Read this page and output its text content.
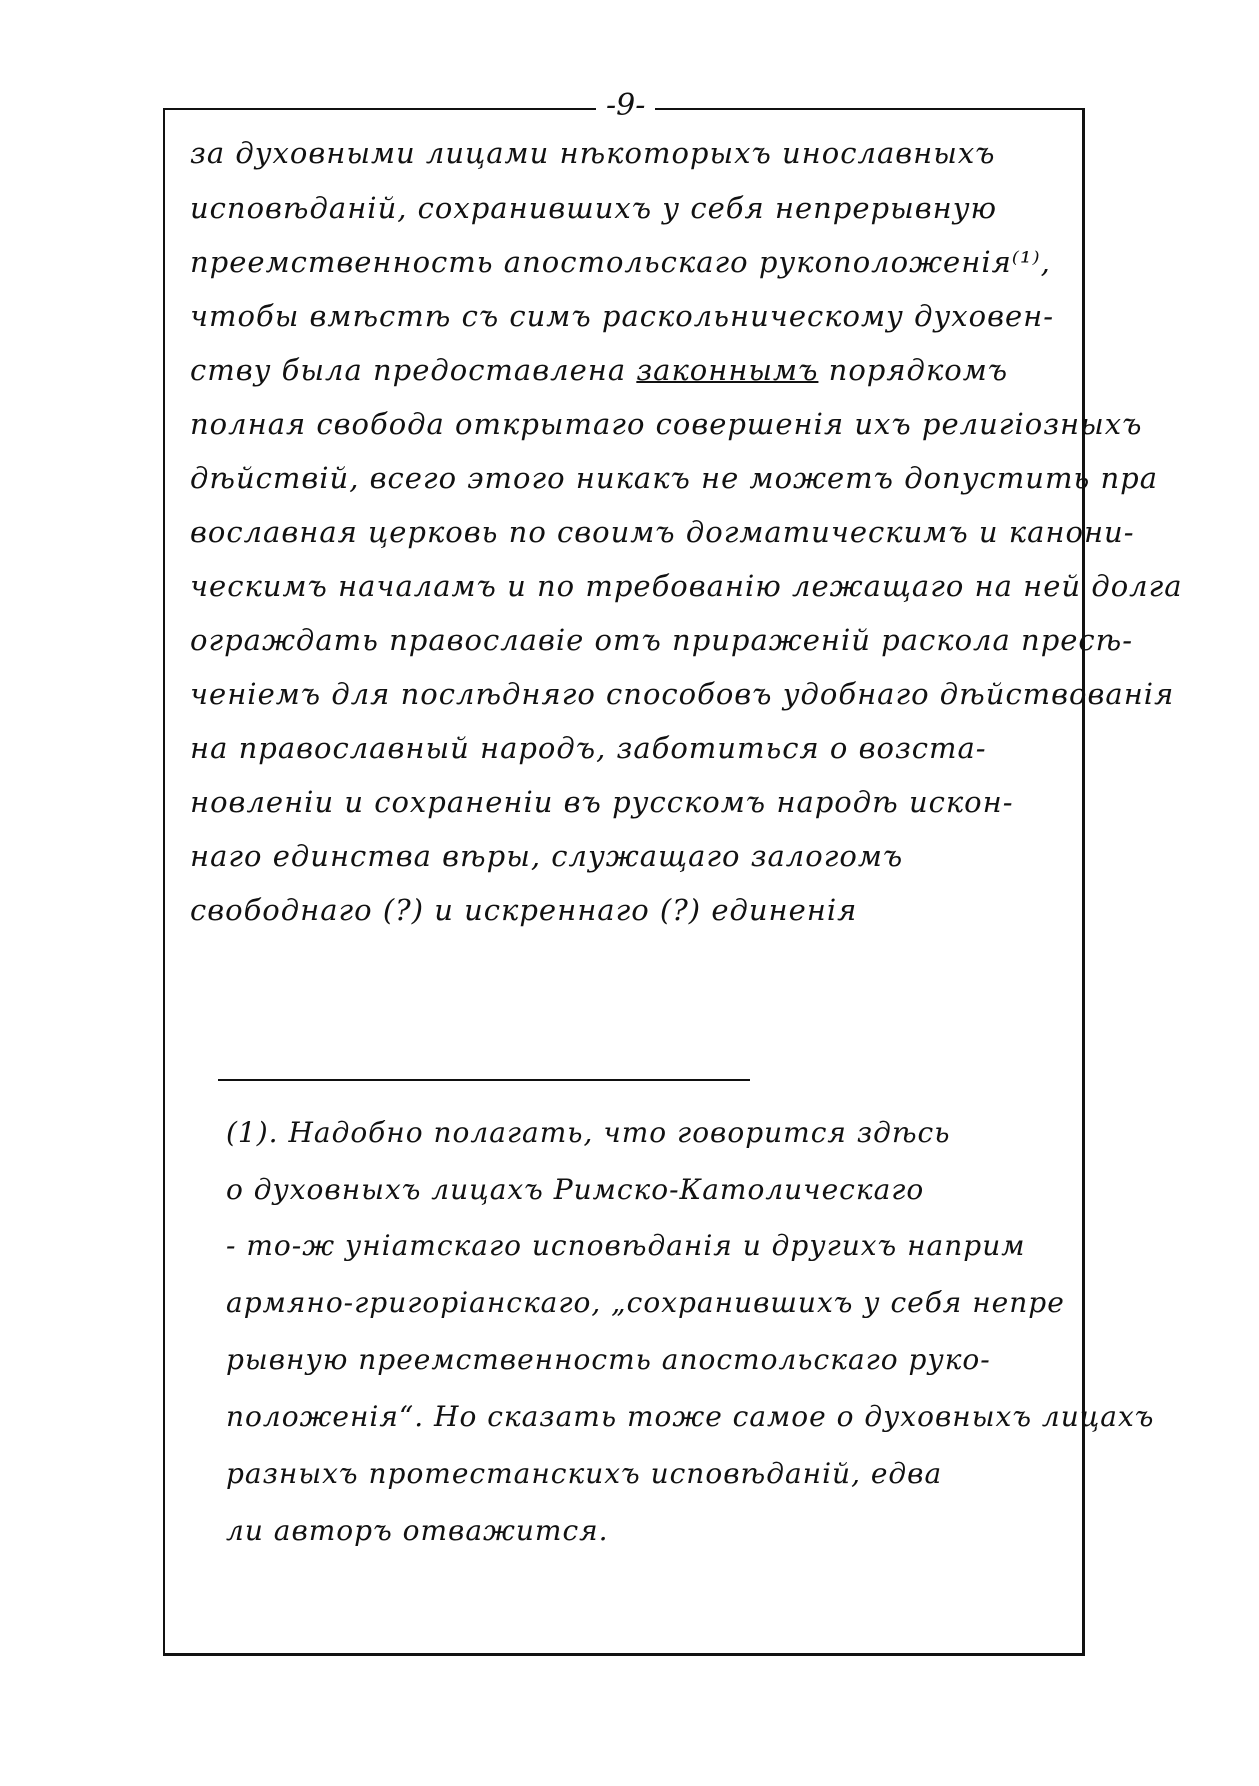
-9-
за духовными лицами нѣкоторыхъ инославныхъ
исповѣданій, сохранившихъ у себя непрерывную
преемственность апостольскаго рукоположенія⁽¹⁾,
чтобы вмѣстѣ съ симъ раскольническому духовен-
ству была предоставлена законнымъ порядкомъ
полная свобода открытаго совершенія ихъ религіозныхъ
дѣйствій, всего этого никакъ не можетъ допустить пра
вославная церковь по своимъ догматическимъ и канони-
ческимъ началамъ и по требованію лежащаго на ней долга
ограждать православіе отъ прираженій раскола пресѣ-
ченіемъ для послѣдняго способовъ удобнаго дѣйствованія
на православный народъ, заботиться о возста-
новленіи и сохраненіи въ русскомъ народѣ искон-
наго единства вѣры, служащаго залогомъ
свободнаго (?) и искреннаго (?) единенія
(1). Надобно полагать, что говорится здѣсь
о духовныхъ лицахъ Римско-Католическаго
- то-ж уніатскаго исповѣданія и другихъ наприм
армяно-григоріанскаго, „сохранившихъ у себя непре
рывную преемственность апостольскаго руко-
положенія“. Но сказать тоже самое о духовныхъ лицахъ
разныхъ протестанскихъ исповѣданій, едва
ли авторъ отважится.
